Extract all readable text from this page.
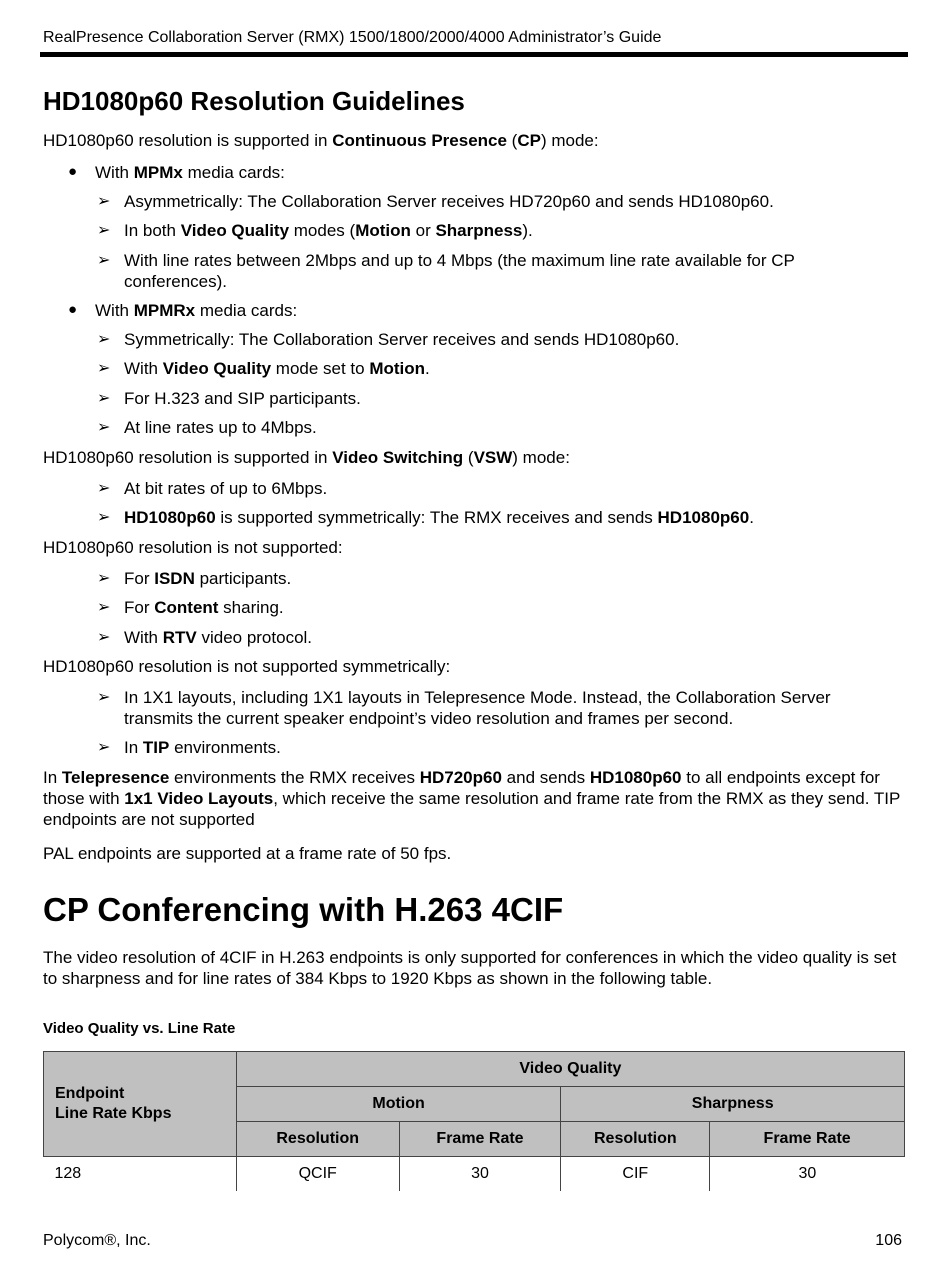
RealPresence Collaboration Server (RMX) 1500/1800/2000/4000 Administrator’s Guide
HD1080p60 Resolution Guidelines

HD1080p60 resolution is supported in Continuous Presence (CP) mode:

● With MPMx media cards:
➢ Asymmetrically: The Collaboration Server receives HD720p60 and sends HD1080p60.
➢ In both Video Quality modes (Motion or Sharpness).
➢ With line rates between 2Mbps and up to 4 Mbps (the maximum line rate available for CP conferences).
● With MPMRx media cards:
➢ Symmetrically: The Collaboration Server receives and sends HD1080p60.
➢ With Video Quality mode set to Motion.
➢ For H.323 and SIP participants.
➢ At line rates up to 4Mbps.

HD1080p60 resolution is supported in Video Switching (VSW) mode:

➢ At bit rates of up to 6Mbps.
➢ HD1080p60 is supported symmetrically: The RMX receives and sends HD1080p60.

HD1080p60 resolution is not supported:

➢ For ISDN participants.
➢ For Content sharing.
➢ With RTV video protocol.

HD1080p60 resolution is not supported symmetrically:

➢ In 1X1 layouts, including 1X1 layouts in Telepresence Mode. Instead, the Collaboration Server transmits the current speaker endpoint’s video resolution and frames per second.
➢ In TIP environments.

In Telepresence environments the RMX receives HD720p60 and sends HD1080p60 to all endpoints except for those with 1x1 Video Layouts, which receive the same resolution and frame rate from the RMX as they send. TIP endpoints are not supported

PAL endpoints are supported at a frame rate of 50 fps.

CP Conferencing with H.263 4CIF

The video resolution of 4CIF in H.263 endpoints is only supported for conferences in which the video quality is set to sharpness and for line rates of 384 Kbps to 1920 Kbps as shown in the following table.

Video Quality vs. Line Rate
Endpoint
Line Rate Kbps	Video Quality			
	Motion		Sharpness	
	Resolution	Frame Rate	Resolution	Frame Rate
128	QCIF	30	CIF	30
Polycom®, Inc.	106
